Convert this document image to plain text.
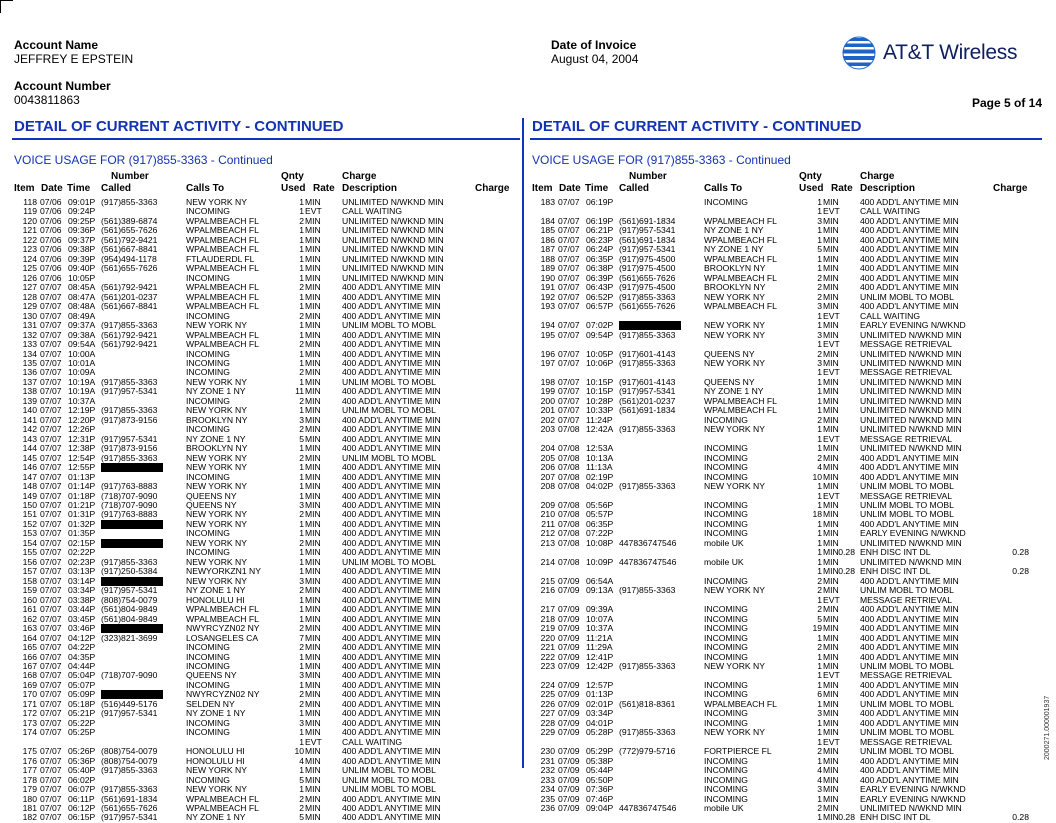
Account Name
JEFFREY E EPSTEIN
Account Number
0043811863
Date of Invoice
August 04, 2004	AT&T Wireless
Page 5 of 14
DETAIL OF CURRENT ACTIVITY - CONTINUED	DETAIL OF CURRENT ACTIVITY - CONTINUED
VOICE USAGE FOR (917)855-3363 - Continued	VOICE USAGE FOR (917)855-3363 - Continued
Number	Qnty	Charge
Item Date Time Called	Calls To	Used Rate Description	Charge
Number	Qnty	Charge
Item Date Time Called	Calls To	Used Rate Description	Charge
118 07/06 09:01P (917)855-3363	NEW YORK NY	1 MIN UNLIMITED N/WKND MIN
119 07/06 09:24P	INCOMING	1 EVT CALL WAITING
120 07/06 09:25P (561)389-6874	WPALMBEACH FL	2 MIN UNLIMITED N/WKND MIN
121 07/06 09:36P (561)655-7626	WPALMBEACH FL	1 MIN UNLIMITED N/WKND MIN
122 07/06 09:37P (561)792-9421	WPALMBEACH FL	1 MIN UNLIMITED N/WKND MIN
123 07/06 09:38P (561)667-8841	WPALMBEACH FL	1 MIN UNLIMITED N/WKND MIN
124 07/06 09:39P (954)494-1178	FTLAUDERDL FL	1 MIN UNLIMITED N/WKND MIN
125 07/06 09:40P (561)655-7626	WPALMBEACH FL	1 MIN UNLIMITED N/WKND MIN
126 07/06 10:05P	INCOMING	1 MIN UNLIMITED N/WKND MIN
127 07/07 08:45A (561)792-9421	WPALMBEACH FL	2 MIN 400 ADD'L ANYTIME MIN
128 07/07 08:47A (561)201-0237	WPALMBEACH FL	1 MIN 400 ADD'L ANYTIME MIN
129 07/07 08:48A (561)667-8841	WPALMBEACH FL	1 MIN 400 ADD'L ANYTIME MIN
130 07/07 08:49A	INCOMING	2 MIN 400 ADD'L ANYTIME MIN
131 07/07 09:37A (917)855-3363	NEW YORK NY	1 MIN UNLIM MOBL TO MOBL
132 07/07 09:38A (561)792-9421	WPALMBEACH FL	1 MIN 400 ADD'L ANYTIME MIN
133 07/07 09:54A (561)792-9421	WPALMBEACH FL	2 MIN 400 ADD'L ANYTIME MIN
134 07/07 10:00A	INCOMING	1 MIN 400 ADD'L ANYTIME MIN
135 07/07 10:01A	INCOMING	1 MIN 400 ADD'L ANYTIME MIN
136 07/07 10:09A	INCOMING	2 MIN 400 ADD'L ANYTIME MIN
137 07/07 10:19A (917)855-3363	NEW YORK NY	1 MIN UNLIM MOBL TO MOBL
138 07/07 10:19A (917)957-5341	NY ZONE 1 NY	11 MIN 400 ADD'L ANYTIME MIN
139 07/07 10:37A	INCOMING	2 MIN 400 ADD'L ANYTIME MIN
140 07/07 12:19P (917)855-3363	NEW YORK NY	1 MIN UNLIM MOBL TO MOBL
141 07/07 12:20P (917)873-9156	BROOKLYN NY	3 MIN 400 ADD'L ANYTIME MIN
142 07/07 12:26P	INCOMING	2 MIN 400 ADD'L ANYTIME MIN
143 07/07 12:31P (917)957-5341	NY ZONE 1 NY	5 MIN 400 ADD'L ANYTIME MIN
144 07/07 12:38P (917)873-9156	BROOKLYN NY	1 MIN 400 ADD'L ANYTIME MIN
145 07/07 12:54P (917)855-3363	NEW YORK NY	2 MIN UNLIM MOBL TO MOBL
146 07/07 12:55P	NEW YORK NY	1 MIN 400 ADD'L ANYTIME MIN
147 07/07 01:13P	INCOMING	1 MIN 400 ADD'L ANYTIME MIN
148 07/07 01:14P (917)763-8883	NEW YORK NY	1 MIN 400 ADD'L ANYTIME MIN
149 07/07 01:18P (718)707-9090	QUEENS NY	1 MIN 400 ADD'L ANYTIME MIN
150 07/07 01:21P (718)707-9090	QUEENS NY	3 MIN 400 ADD'L ANYTIME MIN
151 07/07 01:31P (917)763-8883	NEW YORK NY	2 MIN 400 ADD'L ANYTIME MIN
152 07/07 01:32P	NEW YORK NY	1 MIN 400 ADD'L ANYTIME MIN
153 07/07 01:35P	INCOMING	1 MIN 400 ADD'L ANYTIME MIN
154 07/07 02:15P	NEW YORK NY	2 MIN 400 ADD'L ANYTIME MIN
155 07/07 02:22P	INCOMING	1 MIN 400 ADD'L ANYTIME MIN
156 07/07 02:23P (917)855-3363	NEW YORK NY	1 MIN UNLIM MOBL TO MOBL
157 07/07 03:13P (917)250-5384	NEWYORKZN1 NY	1 MIN 400 ADD'L ANYTIME MIN
158 07/07 03:14P	NEW YORK NY	3 MIN 400 ADD'L ANYTIME MIN
159 07/07 03:34P (917)957-5341	NY ZONE 1 NY	2 MIN 400 ADD'L ANYTIME MIN
160 07/07 03:38P (808)754-0079	HONOLULU HI	1 MIN 400 ADD'L ANYTIME MIN
161 07/07 03:44P (561)804-9849	WPALMBEACH FL	1 MIN 400 ADD'L ANYTIME MIN
162 07/07 03:45P (561)804-9849	WPALMBEACH FL	1 MIN 400 ADD'L ANYTIME MIN
163 07/07 03:46P	NWYRCYZN02 NY	2 MIN 400 ADD'L ANYTIME MIN
164 07/07 04:12P (323)821-3699	LOSANGELES CA	7 MIN 400 ADD'L ANYTIME MIN
165 07/07 04:22P	INCOMING	2 MIN 400 ADD'L ANYTIME MIN
166 07/07 04:35P	INCOMING	1 MIN 400 ADD'L ANYTIME MIN
167 07/07 04:44P	INCOMING	1 MIN 400 ADD'L ANYTIME MIN
168 07/07 05:04P (718)707-9090	QUEENS NY	3 MIN 400 ADD'L ANYTIME MIN
169 07/07 05:07P	INCOMING	1 MIN 400 ADD'L ANYTIME MIN
170 07/07 05:09P	NWYRCYZN02 NY	2 MIN 400 ADD'L ANYTIME MIN
171 07/07 05:18P (516)449-5176	SELDEN NY	2 MIN 400 ADD'L ANYTIME MIN
172 07/07 05:21P (917)957-5341	NY ZONE 1 NY	1 MIN 400 ADD'L ANYTIME MIN
173 07/07 05:22P	INCOMING	3 MIN 400 ADD'L ANYTIME MIN
174 07/07 05:25P	INCOMING	1 MIN 400 ADD'L ANYTIME MIN
1 EVT CALL WAITING
175 07/07 05:26P (808)754-0079	HONOLULU HI	10 MIN 400 ADD'L ANYTIME MIN
176 07/07 05:36P (808)754-0079	HONOLULU HI	4 MIN 400 ADD'L ANYTIME MIN
177 07/07 05:40P (917)855-3363	NEW YORK NY	1 MIN UNLIM MOBL TO MOBL
178 07/07 06:02P	INCOMING	5 MIN UNLIM MOBL TO MOBL
179 07/07 06:07P (917)855-3363	NEW YORK NY	1 MIN UNLIM MOBL TO MOBL
180 07/07 06:11P (561)691-1834	WPALMBEACH FL	2 MIN 400 ADD'L ANYTIME MIN
181 07/07 06:12P (561)655-7626	WPALMBEACH FL	2 MIN 400 ADD'L ANYTIME MIN
182 07/07 06:15P (917)957-5341	NY ZONE 1 NY	5 MIN 400 ADD'L ANYTIME MIN
183 07/07 06:19P	INCOMING	1 MIN 400 ADD'L ANYTIME MIN
1 EVT CALL WAITING
184 07/07 06:19P (561)691-1834	WPALMBEACH FL	3 MIN 400 ADD'L ANYTIME MIN
185 07/07 06:21P (917)957-5341	NY ZONE 1 NY	1 MIN 400 ADD'L ANYTIME MIN
186 07/07 06:23P (561)691-1834	WPALMBEACH FL	1 MIN 400 ADD'L ANYTIME MIN
187 07/07 06:24P (917)957-5341	NY ZONE 1 NY	5 MIN 400 ADD'L ANYTIME MIN
188 07/07 06:35P (917)975-4500	WPALMBEACH FL	1 MIN 400 ADD'L ANYTIME MIN
189 07/07 06:38P (917)975-4500	BROOKLYN NY	1 MIN 400 ADD'L ANYTIME MIN
190 07/07 06:39P (561)655-7626	WPALMBEACH FL	2 MIN 400 ADD'L ANYTIME MIN
191 07/07 06:43P (917)975-4500	BROOKLYN NY	2 MIN 400 ADD'L ANYTIME MIN
192 07/07 06:52P (917)855-3363	NEW YORK NY	2 MIN UNLIM MOBL TO MOBL
193 07/07 06:57P (561)655-7626	WPALMBEACH FL	3 MIN 400 ADD'L ANYTIME MIN
1 EVT CALL WAITING
194 07/07 07:02P	NEW YORK NY	1 MIN EARLY EVENING N/WKND
195 07/07 09:54P (917)855-3363	NEW YORK NY	3 MIN UNLIMITED N/WKND MIN
1 EVT MESSAGE RETRIEVAL
196 07/07 10:05P (917)601-4143	QUEENS NY	2 MIN UNLIMITED N/WKND MIN
197 07/07 10:06P (917)855-3363	NEW YORK NY	3 MIN UNLIMITED N/WKND MIN
1 EVT MESSAGE RETRIEVAL
198 07/07 10:15P (917)601-4143	QUEENS NY	1 MIN UNLIMITED N/WKND MIN
199 07/07 10:15P (917)957-5341	NY ZONE 1 NY	1 MIN UNLIMITED N/WKND MIN
200 07/07 10:28P (561)201-0237	WPALMBEACH FL	1 MIN UNLIMITED N/WKND MIN
201 07/07 10:33P (561)691-1834	WPALMBEACH FL	1 MIN UNLIMITED N/WKND MIN
202 07/07 11:24P	INCOMING	2 MIN UNLIMITED N/WKND MIN
203 07/08 12:42A (917)855-3363	NEW YORK NY	1 MIN UNLIMITED N/WKND MIN
1 EVT MESSAGE RETRIEVAL
204 07/08 12:53A	INCOMING	1 MIN UNLIMITED N/WKND MIN
205 07/08 10:13A	INCOMING	2 MIN 400 ADD'L ANYTIME MIN
206 07/08 11:13A	INCOMING	4 MIN 400 ADD'L ANYTIME MIN
207 07/08 02:19P	INCOMING	10 MIN 400 ADD'L ANYTIME MIN
208 07/08 04:02P (917)855-3363	NEW YORK NY	1 MIN UNLIM MOBL TO MOBL
1 EVT MESSAGE RETRIEVAL
209 07/08 05:56P	INCOMING	1 MIN UNLIM MOBL TO MOBL
210 07/08 05:57P	INCOMING	18 MIN UNLIM MOBL TO MOBL
211 07/08 06:35P	INCOMING	1 MIN 400 ADD'L ANYTIME MIN
212 07/08 07:22P	INCOMING	1 MIN EARLY EVENING N/WKND
213 07/08 10:08P 447836747546	mobile UK	1 MIN UNLIMITED N/WKND MIN
1 MIN 0.28 ENH DISC INT DL	0.28
214 07/08 10:09P 447836747546	mobile UK	1 MIN UNLIMITED N/WKND MIN
1 MIN 0.28 ENH DISC INT DL	0.28
215 07/09 06:54A	INCOMING	2 MIN 400 ADD'L ANYTIME MIN
216 07/09 09:13A (917)855-3363	NEW YORK NY	2 MIN UNLIM MOBL TO MOBL
1 EVT MESSAGE RETRIEVAL
217 07/09 09:39A	INCOMING	2 MIN 400 ADD'L ANYTIME MIN
218 07/09 10:07A	INCOMING	5 MIN 400 ADD'L ANYTIME MIN
219 07/09 10:37A	INCOMING	19 MIN 400 ADD'L ANYTIME MIN
220 07/09 11:21A	INCOMING	1 MIN 400 ADD'L ANYTIME MIN
221 07/09 11:29A	INCOMING	2 MIN 400 ADD'L ANYTIME MIN
222 07/09 12:41P	INCOMING	1 MIN 400 ADD'L ANYTIME MIN
223 07/09 12:42P (917)855-3363	NEW YORK NY	1 MIN UNLIM MOBL TO MOBL
1 EVT MESSAGE RETRIEVAL
224 07/09 12:57P	INCOMING	1 MIN 400 ADD'L ANYTIME MIN
225 07/09 01:13P	INCOMING	6 MIN 400 ADD'L ANYTIME MIN
226 07/09 02:01P (561)818-8361	WPALMBEACH FL	1 MIN UNLIM MOBL TO MOBL
227 07/09 03:34P	INCOMING	3 MIN 400 ADD'L ANYTIME MIN
228 07/09 04:01P	INCOMING	1 MIN 400 ADD'L ANYTIME MIN
229 07/09 05:28P (917)855-3363	NEW YORK NY	1 MIN UNLIM MOBL TO MOBL
1 EVT MESSAGE RETRIEVAL
230 07/09 05:29P (772)979-5716	FORTPIERCE FL	2 MIN UNLIM MOBL TO MOBL
231 07/09 05:38P	INCOMING	1 MIN 400 ADD'L ANYTIME MIN
232 07/09 05:44P	INCOMING	4 MIN 400 ADD'L ANYTIME MIN
233 07/09 05:50P	INCOMING	4 MIN 400 ADD'L ANYTIME MIN
234 07/09 07:36P	INCOMING	3 MIN EARLY EVENING N/WKND
235 07/09 07:46P	INCOMING	1 MIN EARLY EVENING N/WKND
236 07/09 09:04P 447836747546	mobile UK	2 MIN UNLIMITED N/WKND MIN
1 MIN 0.28 ENH DISC INT DL	0.28
2000271.000001937
